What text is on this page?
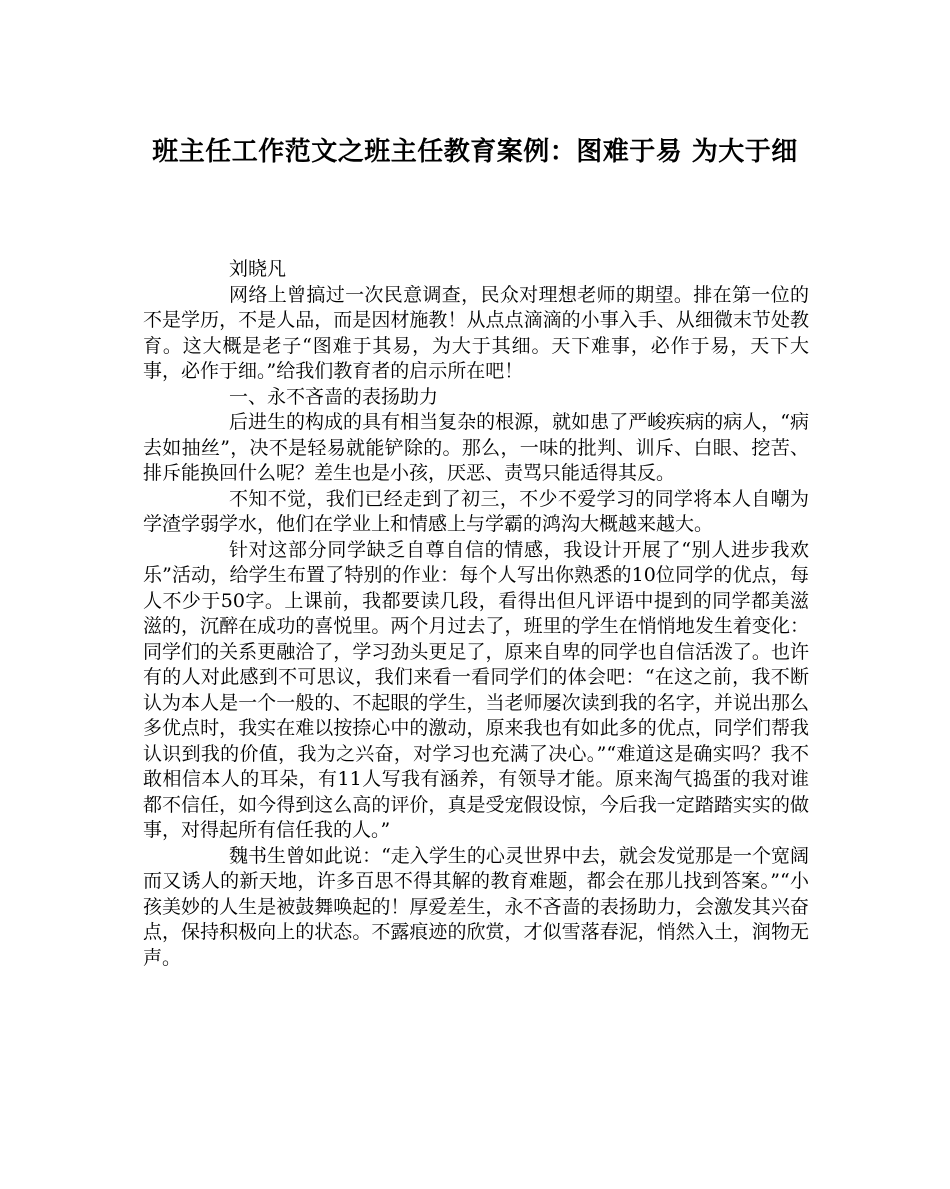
班主任工作范文之班主任教育案例：图难于易 为大于细

刘晓凡

网络上曾搞过一次民意调查，民众对理想老师的期望。排在第一位的不是学历，不是人品，而是因材施教！从点点滴滴的小事入手、从细微末节处教育。这大概是老子“图难于其易，为大于其细。天下难事，必作于易，天下大事，必作于细。”给我们教育者的启示所在吧！

一、永不吝啬的表扬助力

后进生的构成的具有相当复杂的根源，就如患了严峻疾病的病人，“病去如抽丝”，决不是轻易就能铲除的。那么，一味的批判、训斥、白眼、挖苦、排斥能换回什么呢？差生也是小孩，厌恶、责骂只能适得其反。

不知不觉，我们已经走到了初三，不少不爱学习的同学将本人自嘲为学渣学弱学水，他们在学业上和情感上与学霸的鸿沟大概越来越大。

针对这部分同学缺乏自尊自信的情感，我设计开展了“别人进步我欢乐”活动，给学生布置了特别的作业：每个人写出你熟悉的10位同学的优点，每人不少于50字。上课前，我都要读几段，看得出但凡评语中提到的同学都美滋滋的，沉醉在成功的喜悦里。两个月过去了，班里的学生在悄悄地发生着变化：同学们的关系更融洽了，学习劲头更足了，原来自卑的同学也自信活泼了。也许有的人对此感到不可思议，我们来看一看同学们的体会吧：“在这之前，我不断认为本人是一个一般的、不起眼的学生，当老师屡次读到我的名字，并说出那么多优点时，我实在难以按捺心中的激动，原来我也有如此多的优点，同学们帮我认识到我的价值，我为之兴奋，对学习也充满了决心。”“难道这是确实吗？我不敢相信本人的耳朵，有11人写我有涵养，有领导才能。原来淘气捣蛋的我对谁都不信任，如今得到这么高的评价，真是受宠假设惊，今后我一定踏踏实实的做事，对得起所有信任我的人。”

魏书生曾如此说：“走入学生的心灵世界中去，就会发觉那是一个宽阔而又诱人的新天地，许多百思不得其解的教育难题，都会在那儿找到答案。”“小孩美妙的人生是被鼓舞唤起的！厚爱差生，永不吝啬的表扬助力，会激发其兴奋点，保持积极向上的状态。不露痕迹的欣赏，才似雪落春泥，悄然入土，润物无声。
